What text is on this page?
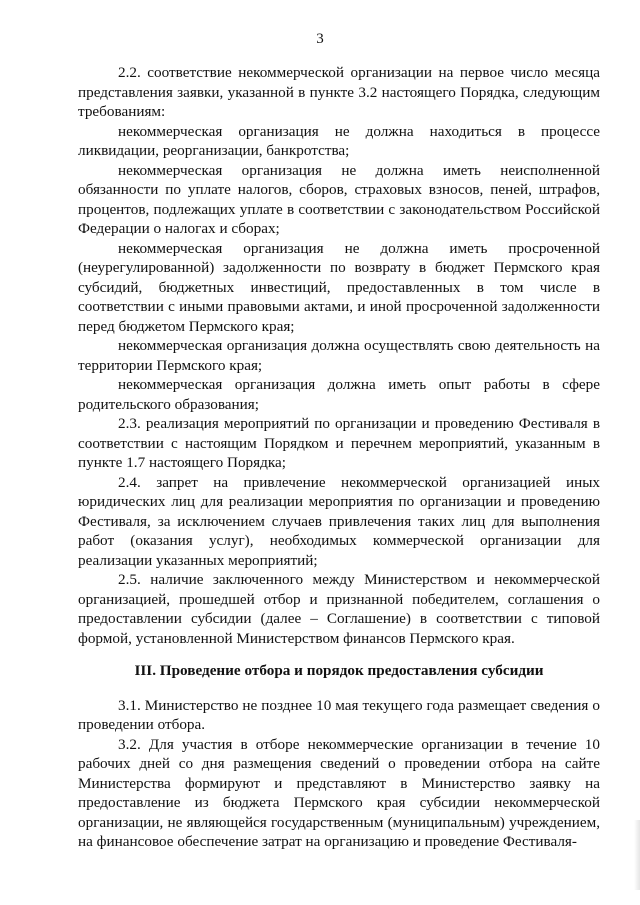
3

2.2. соответствие некоммерческой организации на первое число месяца представления заявки, указанной в пункте 3.2 настоящего Порядка, следующим требованиям:

некоммерческая организация не должна находиться в процессе ликвидации, реорганизации, банкротства;

некоммерческая организация не должна иметь неисполненной обязанности по уплате налогов, сборов, страховых взносов, пеней, штрафов, процентов, подлежащих уплате в соответствии с законодательством Российской Федерации о налогах и сборах;

некоммерческая организация не должна иметь просроченной (неурегулированной) задолженности по возврату в бюджет Пермского края субсидий, бюджетных инвестиций, предоставленных в том числе в соответствии с иными правовыми актами, и иной просроченной задолженности перед бюджетом Пермского края;

некоммерческая организация должна осуществлять свою деятельность на территории Пермского края;

некоммерческая организация должна иметь опыт работы в сфере родительского образования;

2.3. реализация мероприятий по организации и проведению Фестиваля в соответствии с настоящим Порядком и перечнем мероприятий, указанным в пункте 1.7 настоящего Порядка;

2.4. запрет на привлечение некоммерческой организацией иных юридических лиц для реализации мероприятия по организации и проведению Фестиваля, за исключением случаев привлечения таких лиц для выполнения работ (оказания услуг), необходимых коммерческой организации для реализации указанных мероприятий;

2.5. наличие заключенного между Министерством и некоммерческой организацией, прошедшей отбор и признанной победителем, соглашения о предоставлении субсидии (далее – Соглашение) в соответствии с типовой формой, установленной Министерством финансов Пермского края.

III. Проведение отбора и порядок предоставления субсидии

3.1. Министерство не позднее 10 мая текущего года размещает сведения о проведении отбора.

3.2. Для участия в отборе некоммерческие организации в течение 10 рабочих дней со дня размещения сведений о проведении отбора на сайте Министерства формируют и представляют в Министерство заявку на предоставление из бюджета Пермского края субсидии некоммерческой организации, не являющейся государственным (муниципальным) учреждением, на финансовое обеспечение затрат на организацию и проведение Фестиваля-
